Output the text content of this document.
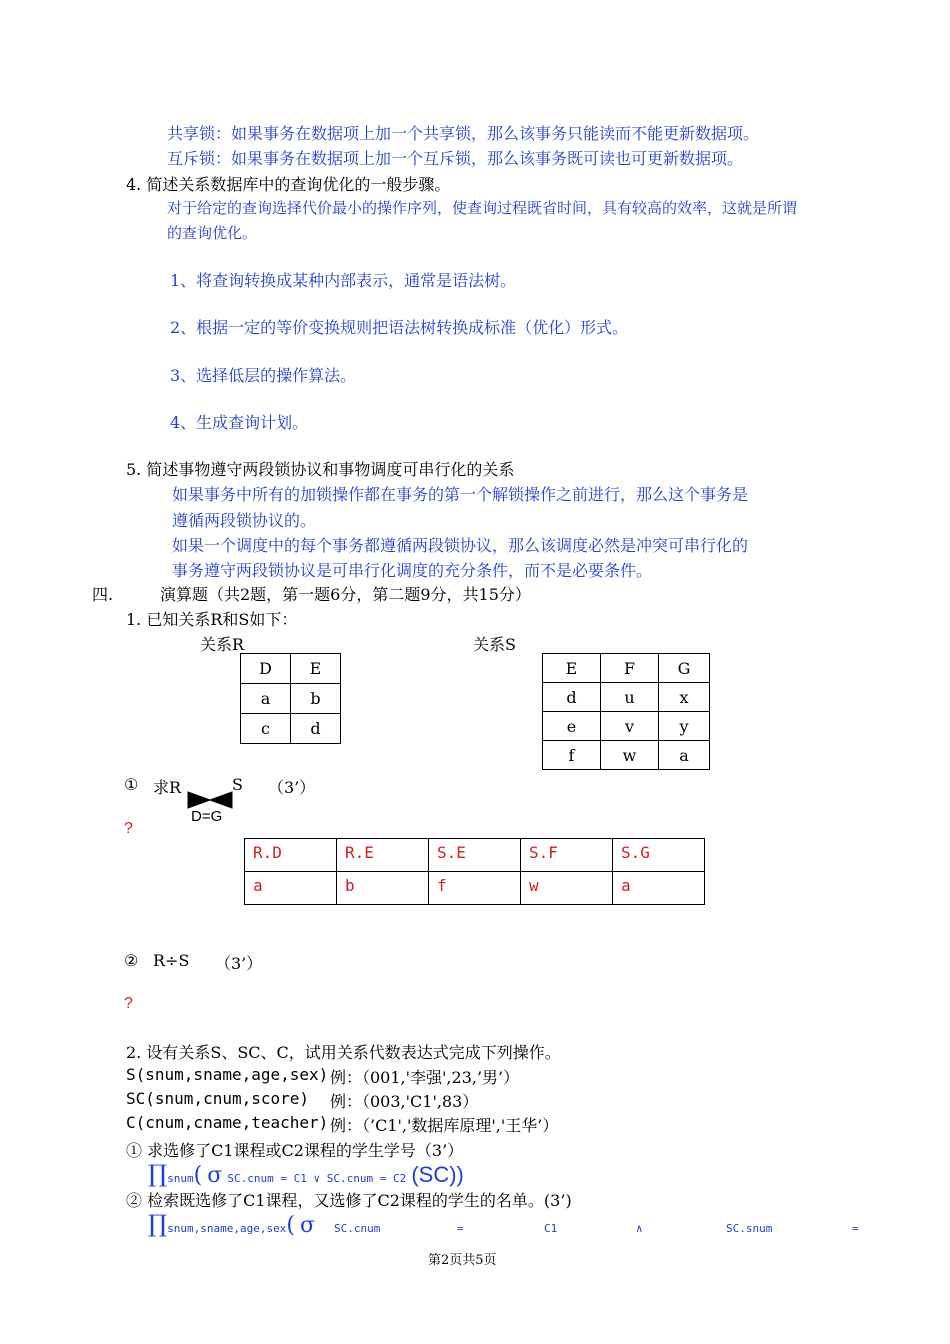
共享锁：如果事务在数据项上加一个共享锁，那么该事务只能读而不能更新数据项。
互斥锁：如果事务在数据项上加一个互斥锁，那么该事务既可读也可更新数据项。
4. 简述关系数据库中的查询优化的一般步骤。
对于给定的查询选择代价最小的操作序列，使查询过程既省时间，具有较高的效率，这就是所谓
的查询优化。
1、将查询转换成某种内部表示，通常是语法树。
2、根据一定的等价变换规则把语法树转换成标准（优化）形式。
3、选择低层的操作算法。
4、生成查询计划。
5. 简述事物遵守两段锁协议和事物调度可串行化的关系
如果事务中所有的加锁操作都在事务的第一个解锁操作之前进行，那么这个事务是
遵循两段锁协议的。
如果一个调度中的每个事务都遵循两段锁协议，那么该调度必然是冲突可串行化的
事务遵守两段锁协议是可串行化调度的充分条件，而不是必要条件。
四.	演算题（共2题，第一题6分，第二题9分，共15分）
1. 已知关系R和S如下：
关系R	关系S
D	E
a	b
c	d
E	F	G
d	u	x
e	v	y
f	w	a
① 求R	S （3’）
D=G
?
R.D	R.E	S.E	S.F	S.G
a	b	f	w	a
② R÷S （3’）
?
2. 设有关系S、SC、C，试用关系代数表达式完成下列操作。
S(snum,sname,age,sex) 例：（001,'李强',23,’男’）
SC(snum,cnum,score) 例：（003,'C1',83）
C(cnum,cname,teacher) 例：（’C1','数据库原理','王华’）
① 求选修了C1课程或C2课程的学生学号（3’）
∏snum( σ SC.cnum = C1 ∨ SC.cnum = C2 (SC))
② 检索既选修了C1课程，又选修了C2课程的学生的名单。(3’)
∏snum,sname,age,sex( σ SC.cnum	=	C1	∧	SC.snum	=
第2页共5页
